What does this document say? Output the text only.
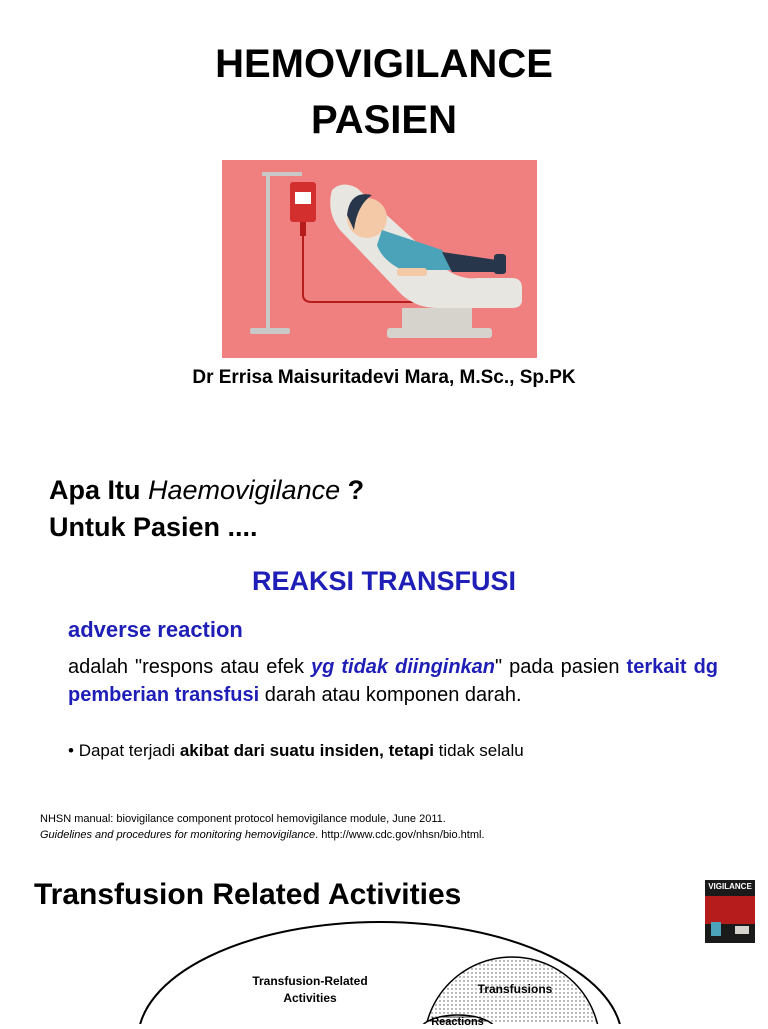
HEMOVIGILANCE
PASIEN
Dr Errisa Maisuritadevi Mara, M.Sc., Sp.PK
Apa Itu Haemovigilance ?
Untuk Pasien ....
REAKSI TRANSFUSI
adverse reaction
adalah "respons atau efek yg tidak diinginkan" pada pasien terkait dg pemberian transfusi darah atau komponen darah.
• Dapat terjadi akibat dari suatu insiden, tetapi tidak selalu
NHSN manual: biovigilance component protocol hemovigilance module, June 2011.
Guidelines and procedures for monitoring hemovigilance. http://www.cdc.gov/nhsn/bio.html.
Transfusion Related Activities	VIGILANCE
Transfusion-Related
Activities
Transfusions
Reactions
